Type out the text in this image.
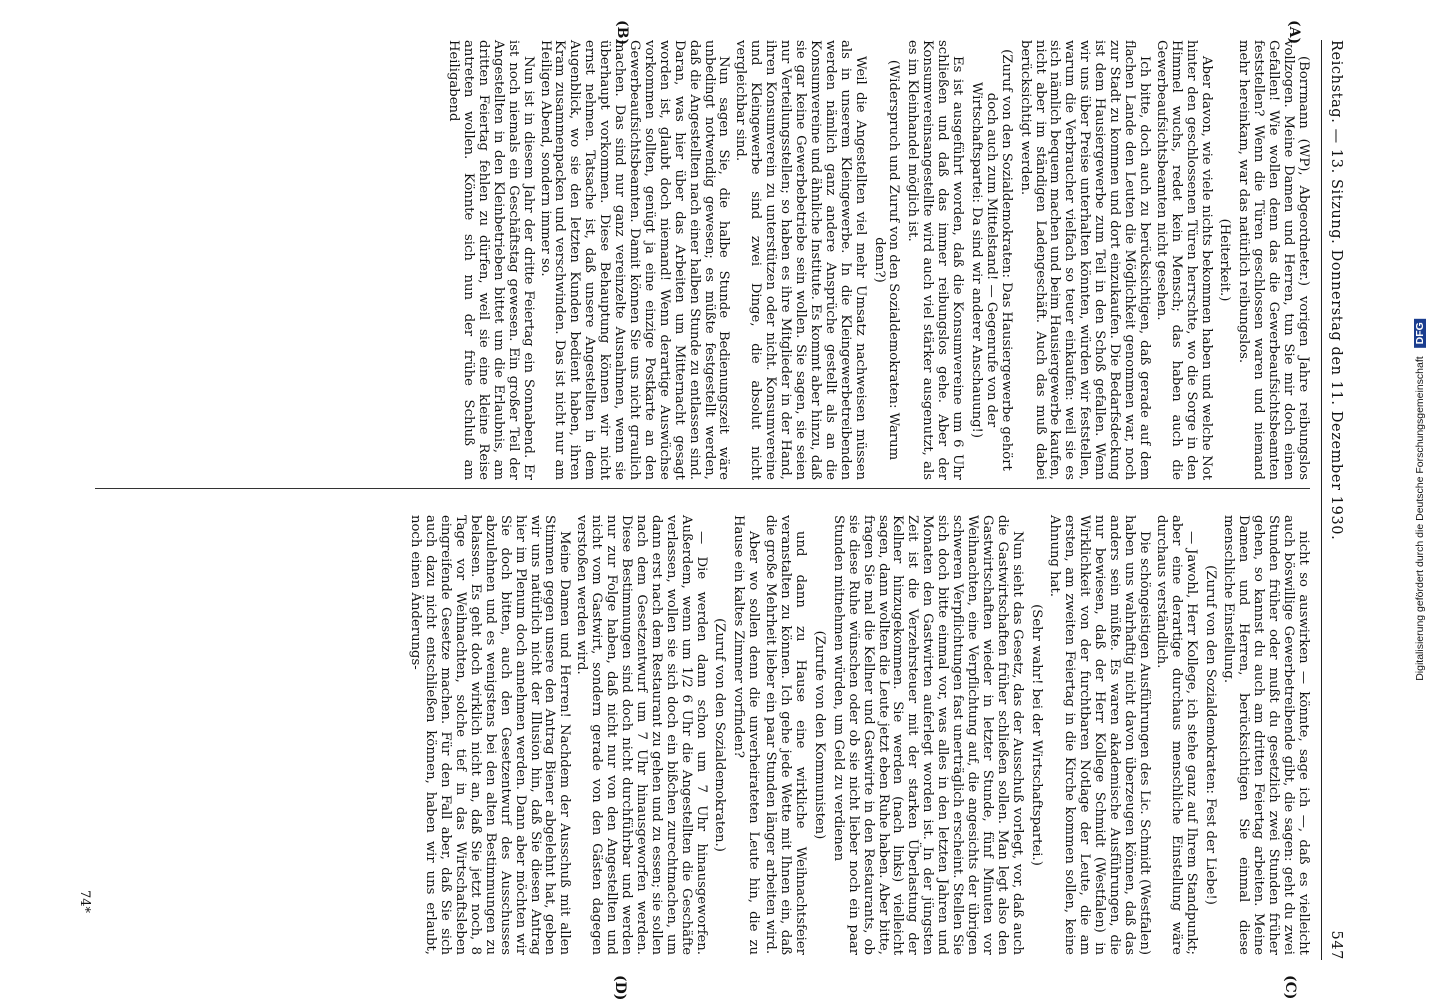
Reichstag. — 13. Sitzung. Donnerstag den 11. Dezember 1930.
547
(A)
(B)
(C)
(D)

(Borrmann (WP), Abgeordneter.) vorigen Jahre reibungslos vollzogen. Meine Damen und Herren, tun Sie mir doch einen Gefallen! Wie wollen denn das die Gewerbeaufsichtsbeamten feststellen? Wenn die Türen geschlossen waren und niemand mehr hereinkam, war das natürlich reibungslos.

(Heiterkeit.)

Aber davon, wie viele nichts bekommen haben und welche Not hinter den geschlossenen Türen herrschte, wo die Sorge in den Himmel wuchs, redet kein Mensch; das haben auch die Gewerbeaufsichtsbeamten nicht gesehen.

Ich bitte, doch auch zu berücksichtigen, daß gerade auf dem flachen Lande den Leuten die Möglichkeit genommen war, noch zur Stadt zu kommen und dort einzukaufen. Die Bedarfsdeckung ist dem Hausiergewerbe zum Teil in den Schoß gefallen. Wenn wir uns über Preise unterhalten könnten, würden wir feststellen, warum die Verbraucher vielfach so teuer einkaufen: weil sie es sich nämlich bequem machen und beim Hausiergewerbe kaufen, nicht aber im ständigen Ladengeschäft. Auch das muß dabei berücksichtigt werden.

(Zuruf von den Sozialdemokraten: Das Hausiergewerbe gehört doch auch zum Mittelstand! — Gegenrufe von der Wirtschaftspartei: Da sind wir anderer Anschauung!)

Es ist ausgeführt worden, daß die Konsumvereine um 6 Uhr schließen und daß das immer reibungslos gehe. Aber der Konsumvereinsangestellte wird auch viel stärker ausgenutzt, als es im Kleinhandel möglich ist.

(Widerspruch und Zuruf von den Sozialdemokraten: Warum denn?)

Weil die Angestellten viel mehr Umsatz nachweisen müssen als in unserem Kleingewerbe. In die Kleingewerbetreibenden werden nämlich ganz andere Ansprüche gestellt als an die Konsumvereine und ähnliche Institute. Es kommt aber hinzu, daß sie gar keine Gewerbebetriebe sein wollen. Sie sagen, sie seien nur Verteilungsstellen; so haben es ihre Mitglieder in der Hand, ihren Konsumverein zu unterstützen oder nicht. Konsumvereine und Kleingewerbe sind zwei Dinge, die absolut nicht vergleichbar sind.

Nun sagen Sie, die halbe Stunde Bedienungszeit wäre unbedingt notwendig gewesen; es müßte festgestellt werden, daß die Angestellten nach einer halben Stunde zu entlassen sind. Daran, was hier über das Arbeiten um Mitternacht gesagt worden ist, glaubt doch niemand! Wenn derartige Auswüchse vorkommen sollten, genügt ja eine einzige Postkarte an den Gewerbeaufsichtsbeamten. Damit können Sie uns nicht graulich machen. Das sind nur ganz vereinzelte Ausnahmen, wenn sie überhaupt vorkommen. Diese Behauptung können wir nicht ernst nehmen. Tatsache ist, daß unsere Angestellten in dem Augenblick, wo sie den letzten Kunden bedient haben, ihren Kram zusammenpacken und verschwinden. Das ist nicht nur am Heiligen Abend, sondern immer so.

Nun ist in diesem Jahr der dritte Feiertag ein Sonnabend. Er ist noch niemals ein Geschäftstag gewesen. Ein großer Teil der Angestellten in den Kleinbetrieben bittet um die Erlaubnis, am dritten Feiertag fehlen zu dürfen, weil sie eine kleine Reise antreten wollen. Könnte sich nun der frühe Schluß am Heiligabend

nicht so auswirken — könnte, sage ich —, daß es vielleicht auch böswillige Gewerbetreibende gibt, die sagen: geht du zwei Stunden früher oder mußt du gesetzlich zwei Stunden früher gehen, so kannst du auch am dritten Feiertag arbeiten. Meine Damen und Herren, berücksichtigen Sie einmal diese menschliche Einstellung.

(Zuruf von den Sozialdemokraten: Fest der Liebe!)

— Jawohl, Herr Kollege, ich stehe ganz auf Ihrem Standpunkt; aber eine derartige durchaus menschliche Einstellung wäre durchaus verständlich.

Die schöngeistigen Ausführungen des Lic. Schmidt (Westfalen) haben uns wahrhaftig nicht davon überzeugen können, daß das anders sein müßte. Es waren akademische Ausführungen, die nur bewiesen, daß der Herr Kollege Schmidt (Westfalen) in Wirklichkeit von der furchtbaren Notlage der Leute, die am ersten, am zweiten Feiertag in die Kirche kommen sollen, keine Ahnung hat.

(Sehr wahr! bei der Wirtschaftspartei.)

Nun sieht das Gesetz, das der Ausschuß vorlegt, vor, daß auch die Gastwirtschaften früher schließen sollen. Man legt also den Gastwirtschaften wieder in letzter Stunde, fünf Minuten vor Weihnachten, eine Verpflichtung auf, die angesichts der übrigen schweren Verpflichtungen fast unerträglich erscheint. Stellen Sie sich doch bitte einmal vor, was alles in den letzten Jahren und Monaten den Gastwirten auferlegt worden ist. In der jüngsten Zeit ist die Verzehrsteuer mit der starken Überlastung der Kellner hinzugekommen. Sie werden (nach links) vielleicht sagen, dann wollten die Leute jetzt eben Ruhe haben. Aber bitte, fragen Sie mal die Kellner und Gastwirte in den Restaurants, ob sie diese Ruhe wünschen oder ob sie nicht lieber noch ein paar Stunden mitnehmen würden, um Geld zu verdienen

(Zurufe von den Kommunisten)

und dann zu Hause eine wirkliche Weihnachtsfeier veranstalten zu können. Ich gehe jede Wette mit Ihnen ein, daß die große Mehrheit lieber ein paar Stunden länger arbeiten wird.

Aber wo sollen denn die unverheirateten Leute hin, die zu Hause ein kaltes Zimmer vorfinden?

(Zuruf von den Sozialdemokraten.)

— Die werden dann schon um 7 Uhr hinausgeworfen. Außerdem, wenn um 1/2 6 Uhr die Angestellten die Geschäfte verlassen, wollen sie sich doch ein bißchen zurechtmachen, um dann erst nach dem Restaurant zu gehen und zu essen; sie sollen nach dem Gesetzentwurf um 7 Uhr hinausgeworfen werden. Diese Bestimmungen sind doch nicht durchführbar und werden nur zur Folge haben, daß nicht nur von den Angestellten und nicht vom Gastwirt, sondern gerade von den Gästen dagegen verstoßen werden wird.

Meine Damen und Herren! Nachdem der Ausschuß mit allen Stimmen gegen unsere den Antrag Biener abgelehnt hat, geben wir uns natürlich nicht der Illusion hin, daß Sie diesen Antrag hier im Plenum doch annehmen werden. Dann aber möchten wir Sie doch bitten, auch den Gesetzentwurf des Ausschusses abzulehnen und es wenigstens bei den alten Bestimmungen zu belassen. Es geht doch wirklich nicht an, daß Sie jetzt noch, 8 Tage vor Weihnachten, solche tief in das Wirtschaftsleben eingreifende Gesetze machen. Für den Fall aber, daß Sie sich auch dazu nicht entschließen können, haben wir uns erlaubt, noch einen Änderungs-

74*
Digitalisierung gefördert durch die Deutsche Forschungsgemeinschaft DFG
